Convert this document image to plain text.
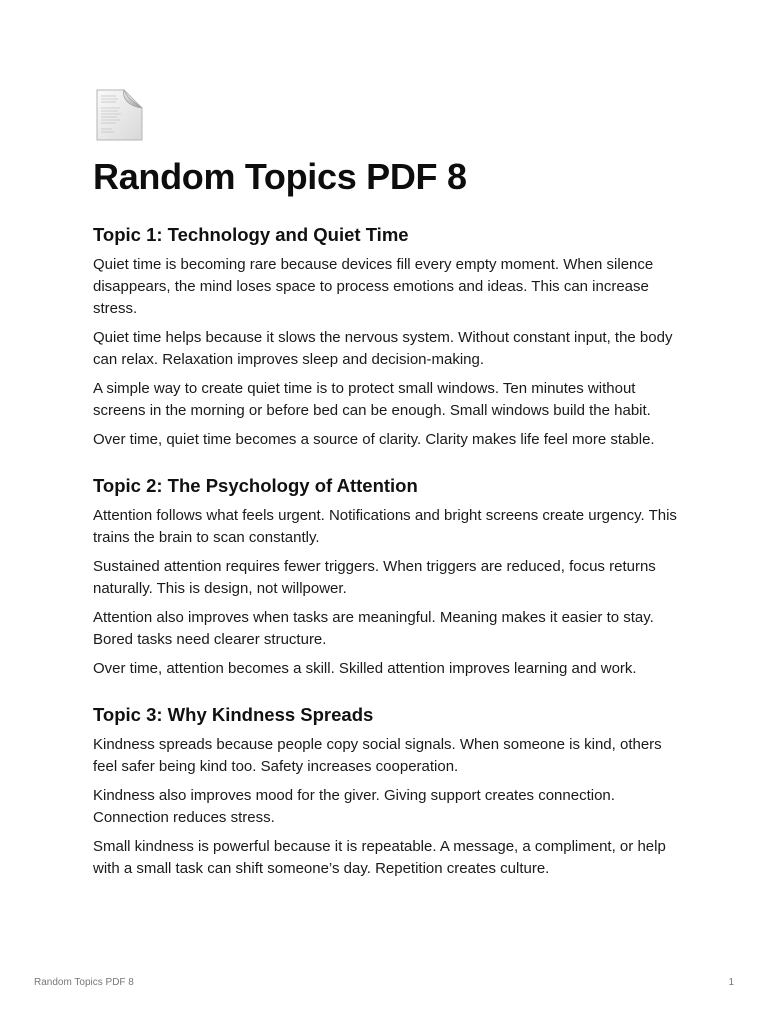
Random Topics PDF 8
Topic 1: Technology and Quiet Time

Quiet time is becoming rare because devices fill every empty moment. When silence disappears, the mind loses space to process emotions and ideas. This can increase stress.

Quiet time helps because it slows the nervous system. Without constant input, the body can relax. Relaxation improves sleep and decision-making.

A simple way to create quiet time is to protect small windows. Ten minutes without screens in the morning or before bed can be enough. Small windows build the habit.

Over time, quiet time becomes a source of clarity. Clarity makes life feel more stable.

Topic 2: The Psychology of Attention

Attention follows what feels urgent. Notifications and bright screens create urgency. This trains the brain to scan constantly.

Sustained attention requires fewer triggers. When triggers are reduced, focus returns naturally. This is design, not willpower.

Attention also improves when tasks are meaningful. Meaning makes it easier to stay. Bored tasks need clearer structure.

Over time, attention becomes a skill. Skilled attention improves learning and work.

Topic 3: Why Kindness Spreads

Kindness spreads because people copy social signals. When someone is kind, others feel safer being kind too. Safety increases cooperation.

Kindness also improves mood for the giver. Giving support creates connection. Connection reduces stress.

Small kindness is powerful because it is repeatable. A message, a compliment, or help with a small task can shift someone’s day. Repetition creates culture.

Random Topics PDF 8	1
